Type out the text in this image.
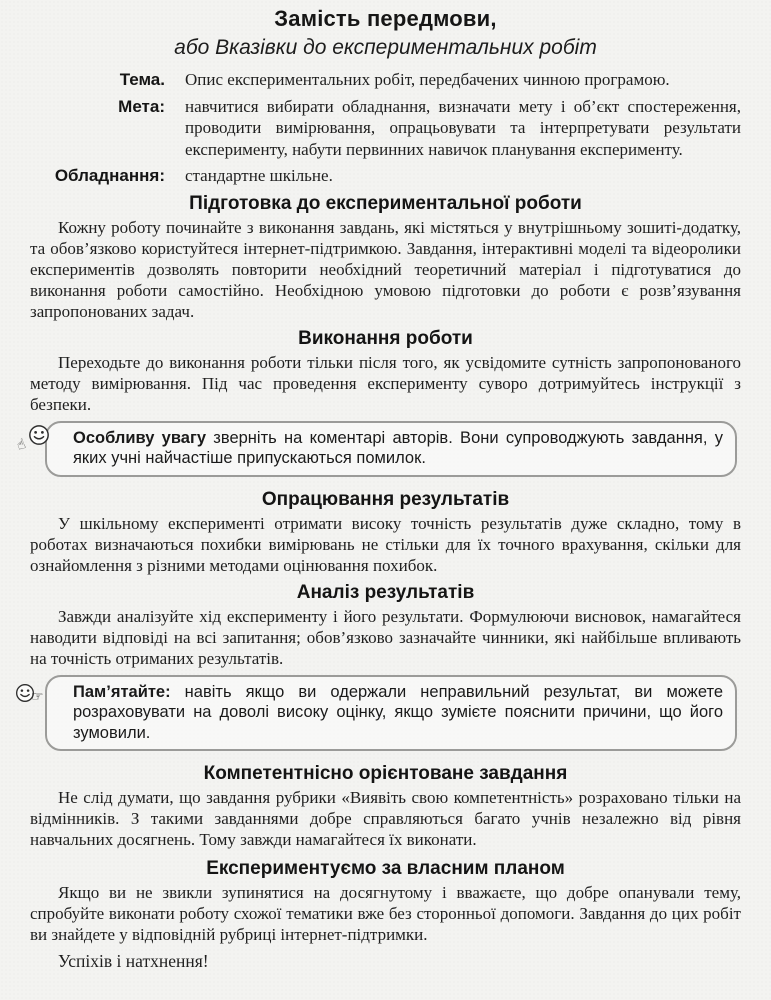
Замість передмови,
або Вказівки до експериментальних робіт
Тема. Опис експериментальних робіт, передбачених чинною програмою.
Мета: навчитися вибирати обладнання, визначати мету і об’єкт спостереження, проводити вимірювання, опрацьовувати та інтерпретувати результати експерименту, набути первинних навичок планування експерименту.
Обладнання: стандартне шкільне.
Підготовка до експериментальної роботи

Кожну роботу починайте з виконання завдань, які містяться у внутрішньому зошиті-додатку, та обов’язково користуйтеся інтернет-підтримкою. Завдання, інтерактивні моделі та відеоролики експериментів дозволять повторити необхідний теоретичний матеріал і підготуватися до виконання роботи самостійно. Необхідною умовою підготовки до роботи є розв’язування запропонованих задач.

Виконання роботи

Переходьте до виконання роботи тільки після того, як усвідомите сутність запропонованого методу вимірювання. Під час проведення експерименту суворо дотримуйтесь інструкції з безпеки.

☝	Особливу увагу зверніть на коментарі авторів. Вони супроводжують завдання, у яких учні найчастіше припускаються помилок.

Опрацювання результатів

У шкільному експерименті отримати високу точність результатів дуже складно, тому в роботах визначаються похибки вимірювань не стільки для їх точного врахування, скільки для ознайомлення з різними методами оцінювання похибок.

Аналіз результатів

Завжди аналізуйте хід експерименту і його результати. Формулюючи висновок, намагайтеся наводити відповіді на всі запитання; обов’язково зазначайте чинники, які найбільше впливають на точність отриманих результатів.

☞ Пам’ятайте: навіть якщо ви одержали неправильний результат, ви можете розраховувати на доволі високу оцінку, якщо зумієте пояснити причини, що його зумовили.

Компетентнісно орієнтоване завдання

Не слід думати, що завдання рубрики «Виявіть свою компетентність» розраховано тільки на відмінників. З такими завданнями добре справляються багато учнів незалежно від рівня навчальних досягнень. Тому завжди намагайтеся їх виконати.

Експериментуємо за власним планом

Якщо ви не звикли зупинятися на досягнутому і вважаєте, що добре опанували тему, спробуйте виконати роботу схожої тематики вже без сторонньої допомоги. Завдання до цих робіт ви знайдете у відповідній рубриці інтернет-підтримки.

Успіхів і натхнення!
